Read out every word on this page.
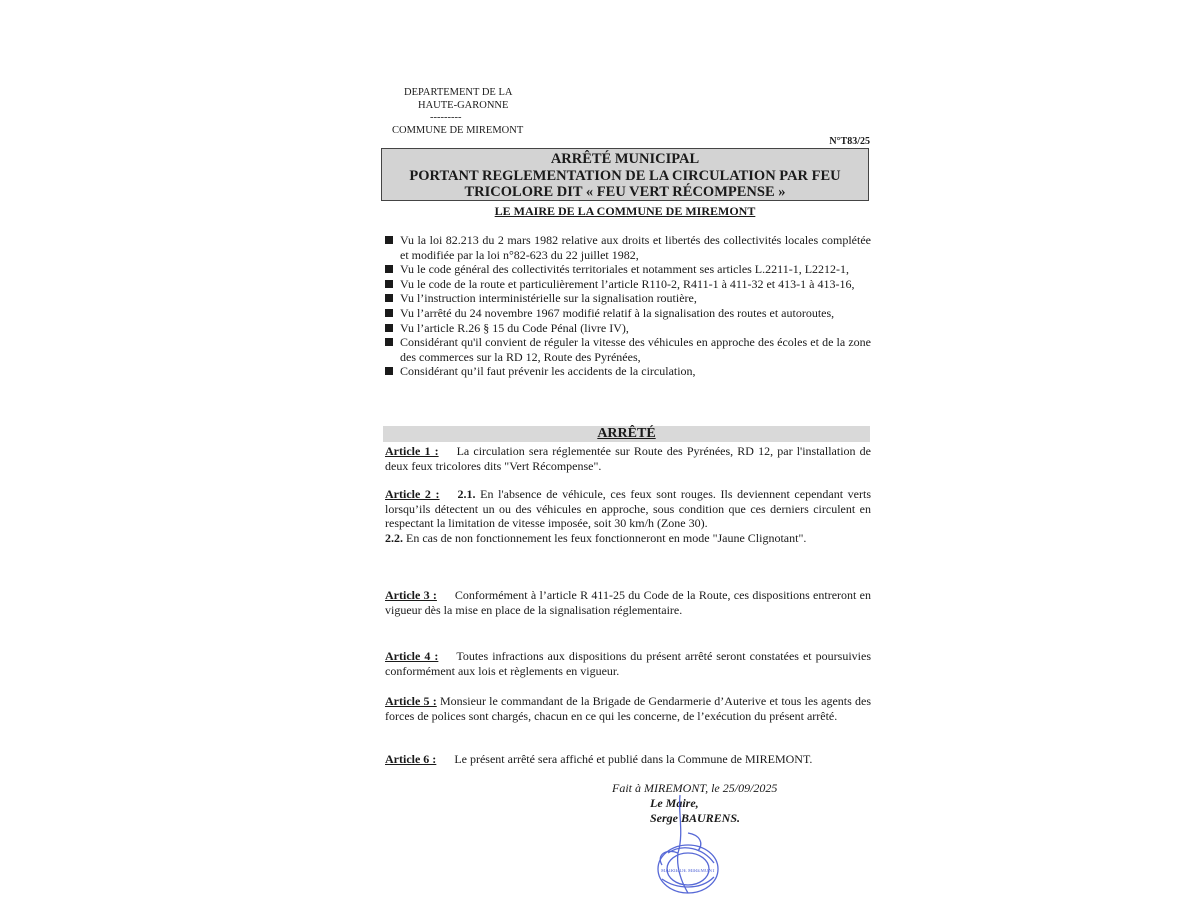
DEPARTEMENT DE LA
HAUTE-GARONNE
---------
COMMUNE DE MIREMONT
N°T83/25
ARRÊTÉ MUNICIPAL
PORTANT REGLEMENTATION DE LA CIRCULATION PAR FEU
TRICOLORE DIT « FEU VERT RÉCOMPENSE »
LE MAIRE DE LA COMMUNE DE MIREMONT
Vu la loi 82.213 du 2 mars 1982 relative aux droits et libertés des collectivités locales complétée et modifiée par la loi n°82-623 du 22 juillet 1982,
Vu le code général des collectivités territoriales et notamment ses articles L.2211-1, L2212-1,
Vu le code de la route et particulièrement l’article R110-2, R411-1 à 411-32 et 413-1 à 413-16,
Vu l’instruction interministérielle sur la signalisation routière,
Vu l’arrêté du 24 novembre 1967 modifié relatif à la signalisation des routes et autoroutes,
Vu l’article R.26 § 15 du Code Pénal (livre IV),
Considérant qu'il convient de réguler la vitesse des véhicules en approche des écoles et de la zone des commerces sur la RD 12, Route des Pyrénées,
Considérant qu’il faut prévenir les accidents de la circulation,
ARRÊTÉ
Article 1 : La circulation sera réglementée sur Route des Pyrénées, RD 12, par l'installation de deux feux tricolores dits "Vert Récompense".
Article 2 : 2.1. En l'absence de véhicule, ces feux sont rouges. Ils deviennent cependant verts lorsqu’ils détectent un ou des véhicules en approche, sous condition que ces derniers circulent en respectant la limitation de vitesse imposée, soit 30 km/h (Zone 30).
2.2. En cas de non fonctionnement les feux fonctionneront en mode "Jaune Clignotant".
Article 3 : Conformément à l’article R 411-25 du Code de la Route, ces dispositions entreront en vigueur dès la mise en place de la signalisation réglementaire.
Article 4 : Toutes infractions aux dispositions du présent arrêté seront constatées et poursuivies conformément aux lois et règlements en vigueur.
Article 5 : Monsieur le commandant de la Brigade de Gendarmerie d’Auterive et tous les agents des forces de polices sont chargés, chacun en ce qui les concerne, de l’exécution du présent arrêté.
Article 6 : Le présent arrêté sera affiché et publié dans la Commune de MIREMONT.
Fait à MIREMONT, le 25/09/2025
Le Maire,
Serge BAURENS.
MAIRIE DE MIREMONT
